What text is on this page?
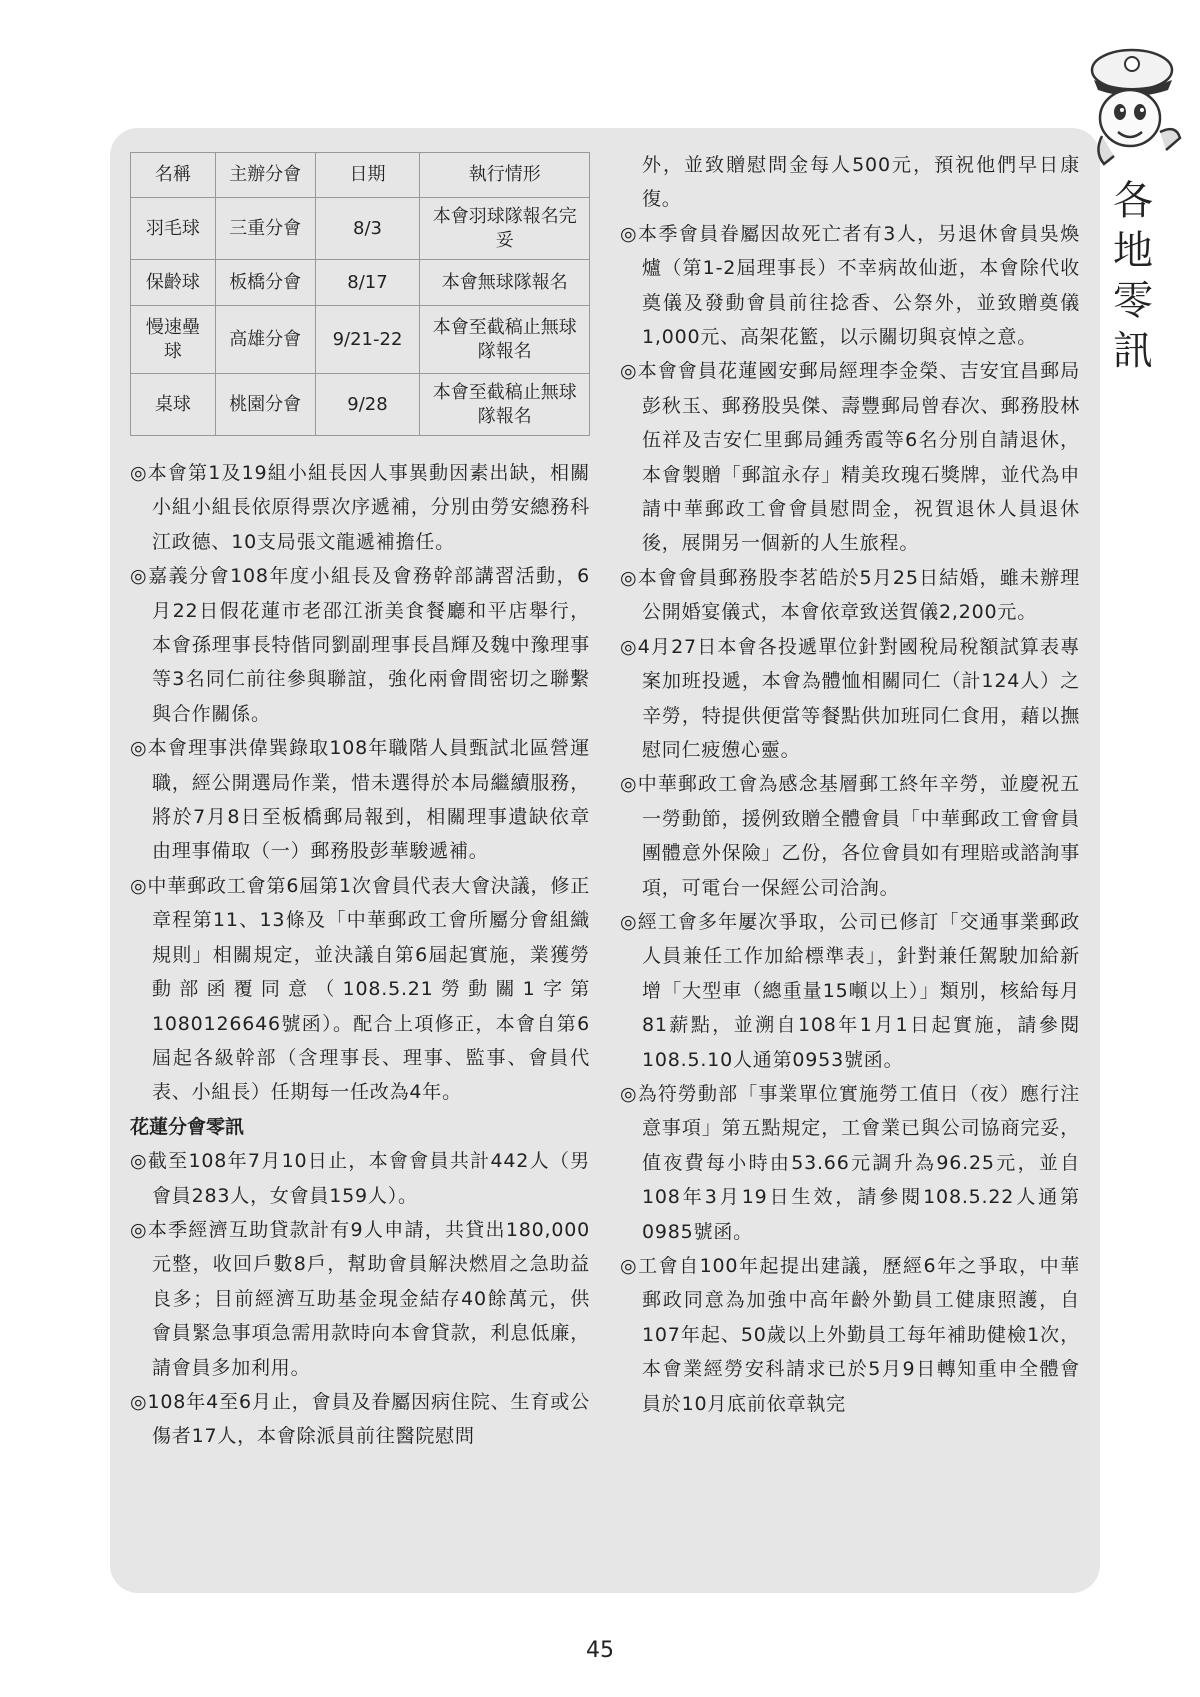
各
地
零
訊
名稱	主辦分會	日期	執行情形
羽毛球	三重分會	8/3	本會羽球隊報名完妥
保齡球	板橋分會	8/17	本會無球隊報名
慢速壘球	高雄分會	9/21-22	本會至截稿止無球隊報名
桌球	桃園分會	9/28	本會至截稿止無球隊報名

◎本會第1及19組小組長因人事異動因素出缺，相關小組小組長依原得票次序遞補，分別由勞安總務科江政德、10支局張文龍遞補擔任。

◎嘉義分會108年度小組長及會務幹部講習活動，6月22日假花蓮市老邵江浙美食餐廳和平店舉行，本會孫理事長特偕同劉副理事長昌輝及魏中豫理事等3名同仁前往參與聯誼，強化兩會間密切之聯繫與合作關係。

◎本會理事洪偉巽錄取108年職階人員甄試北區營運職，經公開選局作業，惜未選得於本局繼續服務，將於7月8日至板橋郵局報到，相關理事遺缺依章由理事備取（一）郵務股彭華駿遞補。

◎中華郵政工會第6屆第1次會員代表大會決議，修正章程第11、13條及「中華郵政工會所屬分會組織規則」相關規定，並決議自第6屆起實施，業獲勞動部函覆同意（108.5.21勞動關1字第1080126646號函）。配合上項修正，本會自第6屆起各級幹部（含理事長、理事、監事、會員代表、小組長）任期每一任改為4年。

花蓮分會零訊

◎截至108年7月10日止，本會會員共計442人（男會員283人，女會員159人）。

◎本季經濟互助貸款計有9人申請，共貸出180,000元整，收回戶數8戶，幫助會員解決燃眉之急助益良多；目前經濟互助基金現金結存40餘萬元，供會員緊急事項急需用款時向本會貸款，利息低廉，請會員多加利用。

◎108年4至6月止，會員及眷屬因病住院、生育或公傷者17人，本會除派員前往醫院慰問

外，並致贈慰問金每人500元，預祝他們早日康復。

◎本季會員眷屬因故死亡者有3人，另退休會員吳煥爐（第1-2屆理事長）不幸病故仙逝，本會除代收奠儀及發動會員前往捻香、公祭外，並致贈奠儀1,000元、高架花籃，以示關切與哀悼之意。

◎本會會員花蓮國安郵局經理李金榮、吉安宜昌郵局彭秋玉、郵務股吳傑、壽豐郵局曾春次、郵務股林伍祥及吉安仁里郵局鍾秀霞等6名分別自請退休，本會製贈「郵誼永存」精美玫瑰石獎牌，並代為申請中華郵政工會會員慰問金，祝賀退休人員退休後，展開另一個新的人生旅程。

◎本會會員郵務股李茗皓於5月25日結婚，雖未辦理公開婚宴儀式，本會依章致送賀儀2,200元。

◎4月27日本會各投遞單位針對國稅局稅額試算表專案加班投遞，本會為體恤相關同仁（計124人）之辛勞，特提供便當等餐點供加班同仁食用，藉以撫慰同仁疲憊心靈。

◎中華郵政工會為感念基層郵工終年辛勞，並慶祝五一勞動節，援例致贈全體會員「中華郵政工會會員團體意外保險」乙份，各位會員如有理賠或諮詢事項，可電台一保經公司洽詢。

◎經工會多年屢次爭取，公司已修訂「交通事業郵政人員兼任工作加給標準表」，針對兼任駕駛加給新增「大型車（總重量15噸以上）」類別，核給每月81薪點，並溯自108年1月1日起實施，請參閱108.5.10人通第0953號函。

◎為符勞動部「事業單位實施勞工值日（夜）應行注意事項」第五點規定，工會業已與公司協商完妥，值夜費每小時由53.66元調升為96.25元，並自108年3月19日生效，請參閱108.5.22人通第0985號函。

◎工會自100年起提出建議，歷經6年之爭取，中華郵政同意為加強中高年齡外勤員工健康照護，自107年起、50歲以上外勤員工每年補助健檢1次，本會業經勞安科請求已於5月9日轉知重申全體會員於10月底前依章執完

45
